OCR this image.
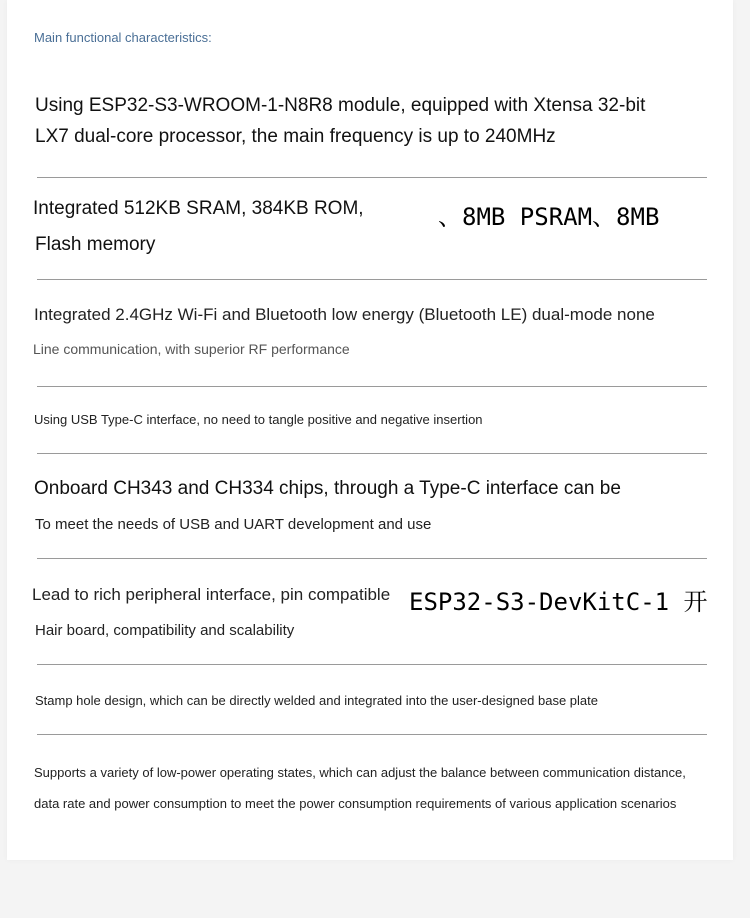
Main functional characteristics:
Using ESP32-S3-WROOM-1-N8R8 module, equipped with Xtensa 32-bit
LX7 dual-core processor, the main frequency is up to 240MHz
Integrated 512KB SRAM, 384KB ROM,	、8MB PSRAM、8MB
Flash memory
Integrated 2.4GHz Wi-Fi and Bluetooth low energy (Bluetooth LE) dual-mode none
Line communication, with superior RF performance
Using USB Type-C interface, no need to tangle positive and negative insertion
Onboard CH343 and CH334 chips, through a Type-C interface can be
To meet the needs of USB and UART development and use
Lead to rich peripheral interface, pin compatible ESP32-S3-DevKitC-1 开
Hair board, compatibility and scalability
Stamp hole design, which can be directly welded and integrated into the user-designed base plate
Supports a variety of low-power operating states, which can adjust the balance between communication distance,
data rate and power consumption to meet the power consumption requirements of various application scenarios
